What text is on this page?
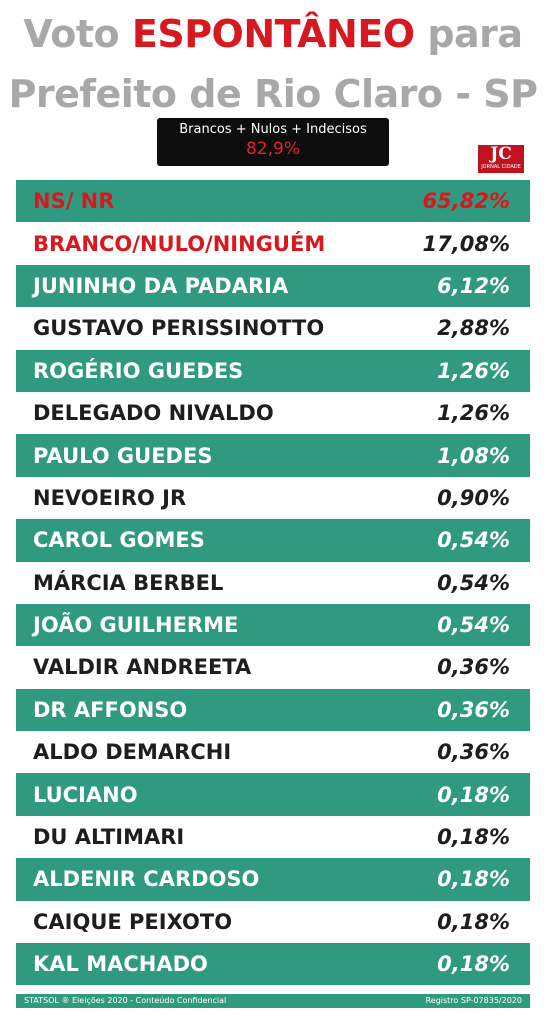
Voto ESPONTÂNEO para
Prefeito de Rio Claro - SP
Brancos + Nulos + Indecisos
82,9%	JC
JORNAL CIDADE
NS/ NR	65,82%
BRANCO/NULO/NINGUÉM	17,08%
JUNINHO DA PADARIA	6,12%
GUSTAVO PERISSINOTTO	2,88%
ROGÉRIO GUEDES	1,26%
DELEGADO NIVALDO	1,26%
PAULO GUEDES	1,08%
NEVOEIRO JR	0,90%
CAROL GOMES	0,54%
MÁRCIA BERBEL	0,54%
JOÃO GUILHERME	0,54%
VALDIR ANDREETA	0,36%
DR AFFONSO	0,36%
ALDO DEMARCHI	0,36%
LUCIANO	0,18%
DU ALTIMARI	0,18%
ALDENIR CARDOSO	0,18%
CAIQUE PEIXOTO	0,18%
KAL MACHADO	0,18%
STATSOL ® Eleições 2020 - Conteúdo Confidencial	Registro SP-07835/2020
